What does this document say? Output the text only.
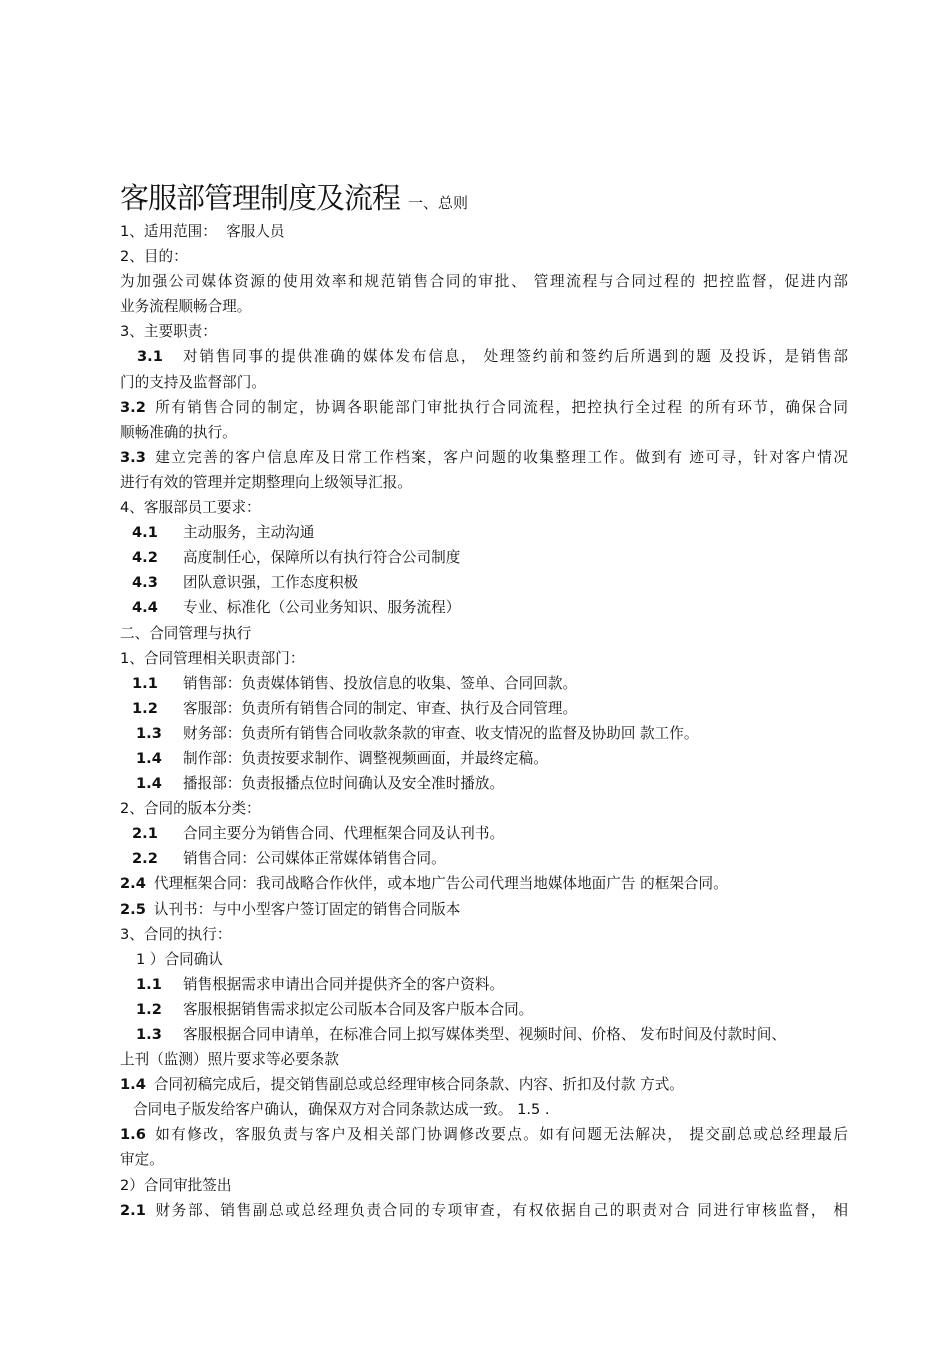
客服部管理制度及流程 一、总则
1、适用范围：  客服人员
2、目的：
为加强公司媒体资源的使用效率和规范销售合同的审批、 管理流程与合同过程的 把控监督，促进内部
业务流程顺畅合理。
3、主要职责：
3.1 对销售同事的提供准确的媒体发布信息， 处理签约前和签约后所遇到的题 及投诉，是销售部
门的支持及监督部门。
3.2 所有销售合同的制定，协调各职能部门审批执行合同流程，把控执行全过程 的所有环节，确保合同
顺畅准确的执行。
3.3 建立完善的客户信息库及日常工作档案，客户问题的收集整理工作。做到有 迹可寻，针对客户情况
进行有效的管理并定期整理向上级领导汇报。
4、客服部员工要求：
4.1 主动服务，主动沟通
4.2 高度制任心，保障所以有执行符合公司制度
4.3 团队意识强，工作态度积极
4.4 专业、标准化（公司业务知识、服务流程）
二、合同管理与执行
1、合同管理相关职责部门：
1.1 销售部：负责媒体销售、投放信息的收集、签单、合同回款。
1.2 客服部：负责所有销售合同的制定、审查、执行及合同管理。
1.3 财务部：负责所有销售合同收款条款的审查、收支情况的监督及协助回 款工作。
1.4 制作部：负责按要求制作、调整视频画面，并最终定稿。
1.4 播报部：负责报播点位时间确认及安全准时播放。
2、合同的版本分类：
2.1 合同主要分为销售合同、代理框架合同及认刊书。
2.2 销售合同：公司媒体正常媒体销售合同。
2.4 代理框架合同：我司战略合作伙伴，或本地广告公司代理当地媒体地面广告 的框架合同。
2.5 认刊书：与中小型客户签订固定的销售合同版本
3、合同的执行：
1 ）合同确认
1.1 销售根据需求申请出合同并提供齐全的客户资料。
1.2 客服根据销售需求拟定公司版本合同及客户版本合同。
1.3 客服根据合同申请单，在标准合同上拟写媒体类型、视频时间、价格、 发布时间及付款时间、
上刊（监测）照片要求等必要条款
1.4 合同初稿完成后，提交销售副总或总经理审核合同条款、内容、折扣及付款 方式。
合同电子版发给客户确认，确保双方对合同条款达成一致。 1.5 .
1.6 如有修改，客服负责与客户及相关部门协调修改要点。如有问题无法解决， 提交副总或总经理最后
审定。
2）合同审批签出
2.1 财务部、销售副总或总经理负责合同的专项审查，有权依据自己的职责对合 同进行审核监督， 相
